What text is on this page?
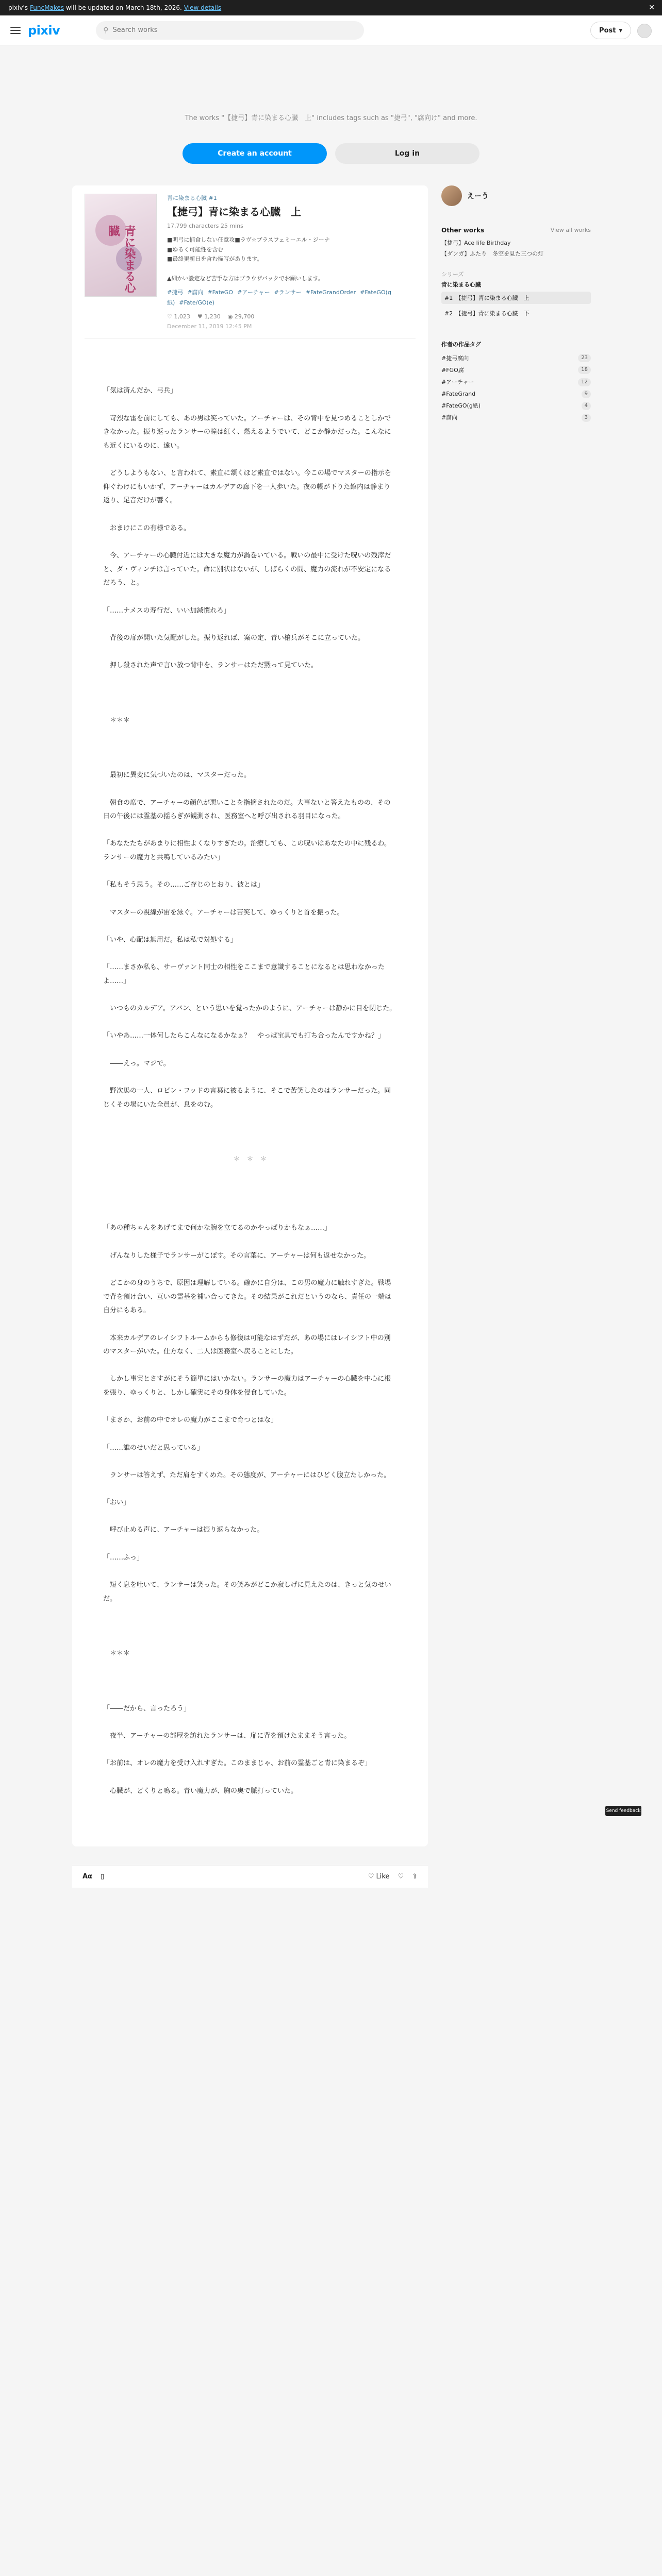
pixiv's FuncMakes will be updated on March 18th, 2026. View details	✕
pixiv	⚲
Search works	Post ▾
The works "【捷弓】青に染まる心臓　上" includes tags such as "捷弓", "腐向け" and more.
Create an account	Log in
青に染まる心臓
青に染まる心臓 #1
【捷弓】青に染まる心臓　上
17,799 characters 25 mins
■明弓に捕食しない任意攻■ラヴ☆ブラスフェミーエル・ジーナ
■ゆるく可能性を含む
■最終更新日を含む描写があります。

▲細かい設定など苦手な方はブラウザバックでお願いします。
#捷弓 #腐向 #FateGO #アーチャー #ランサー #FateGrandOrder #FateGO(g紙) #Fate/GO(e)
♡ 1,023 ♥ 1,230 ◉ 29,700
December 11, 2019 12:45 PM

「気は済んだか、弓兵」

　苛烈な雷を前にしても、あの男は笑っていた。アーチャーは、その背中を見つめることしかできなかった。振り返ったランサーの瞳は紅く、燃えるようでいて、どこか静かだった。こんなにも近くにいるのに、遠い。

　どうしようもない、と言われて、素直に頷くほど素直ではない。今この場でマスターの指示を仰ぐわけにもいかず、アーチャーはカルデアの廊下を一人歩いた。夜の帳が下りた館内は静まり返り、足音だけが響く。

　おまけにこの有様である。

　今、アーチャーの心臓付近には大きな魔力が渦巻いている。戦いの最中に受けた呪いの残滓だと、ダ・ヴィンチは言っていた。命に別状はないが、しばらくの間、魔力の流れが不安定になるだろう、と。

「……ナメスの寿行だ、いい加減慣れろ」

　背後の扉が開いた気配がした。振り返れば、案の定、青い槍兵がそこに立っていた。

　押し殺された声で言い放つ背中を、ランサーはただ黙って見ていた。

　＊＊＊

　最初に異変に気づいたのは、マスターだった。

　朝食の席で、アーチャーの顔色が悪いことを指摘されたのだ。大事ないと答えたものの、その日の午後には霊基の揺らぎが観測され、医務室へと呼び出される羽目になった。

「あなたたちがあまりに相性よくなりすぎたの。治療しても、この呪いはあなたの中に残るわ。ランサーの魔力と共鳴しているみたい」

「私もそう思う。その……ご存じのとおり、彼とは」

　マスターの視線が宙を泳ぐ。アーチャーは苦笑して、ゆっくりと首を振った。

「いや、心配は無用だ。私は私で対処する」

「……まさか私も、サーヴァント同士の相性をここまで意識することになるとは思わなかったよ……」

　いつものカルデア。アバン、という思いを覚ったかのように、アーチャーは静かに目を閉じた。

「いやあ……一体何したらこんなになるかなぁ？　やっぱ宝具でも打ち合ったんですかね？」

　――えっ。マジで。

　野次馬の一人、ロビン・フッドの言葉に被るように、そこで苦笑したのはランサーだった。同じくその場にいた全員が、息をのむ。

＊　＊　＊

「あの種ちゃんをあげてまで何かな腕を立てるのかやっぱりかもなぁ……」

　げんなりした様子でランサーがこぼす。その言葉に、アーチャーは何も返せなかった。

　どこかの身のうちで、原因は理解している。確かに自分は、この男の魔力に触れすぎた。戦場で背を預け合い、互いの霊基を補い合ってきた。その結果がこれだというのなら、責任の一端は自分にもある。

　本来カルデアのレイシフトルームからも修復は可能なはずだが、あの場にはレイシフト中の別のマスターがいた。仕方なく、二人は医務室へ戻ることにした。

　しかし事実とさすがにそう簡単にはいかない。ランサーの魔力はアーチャーの心臓を中心に根を張り、ゆっくりと、しかし確実にその身体を侵食していた。

「まさか、お前の中でオレの魔力がここまで育つとはな」

「……誰のせいだと思っている」

　ランサーは答えず、ただ肩をすくめた。その態度が、アーチャーにはひどく腹立たしかった。

「おい」

　呼び止める声に、アーチャーは振り返らなかった。

「……ふっ」

　短く息を吐いて、ランサーは笑った。その笑みがどこか寂しげに見えたのは、きっと気のせいだ。

　＊＊＊

「――だから、言ったろう」

　夜半、アーチャーの部屋を訪れたランサーは、扉に背を預けたままそう言った。

「お前は、オレの魔力を受け入れすぎた。このままじゃ、お前の霊基ごと青に染まるぞ」

　心臓が、どくりと鳴る。青い魔力が、胸の奥で脈打っていた。

Aα ▯	♡ Like ♡ ⇧
えーう
Other works	View all works
【捷弓】Ace life Birthday
【ダンガ】ふたり　冬空を見た三つの灯
シリーズ
青に染まる心臓
#1　【捷弓】青に染まる心臓　上
#2　【捷弓】青に染まる心臓　下
作者の作品タグ
#捷弓腐向	23
#FGO腐	18
#アーチャー	12
#FateGrand	9
#FateGO(g紙)	4
#腐向	3
Send feedback
